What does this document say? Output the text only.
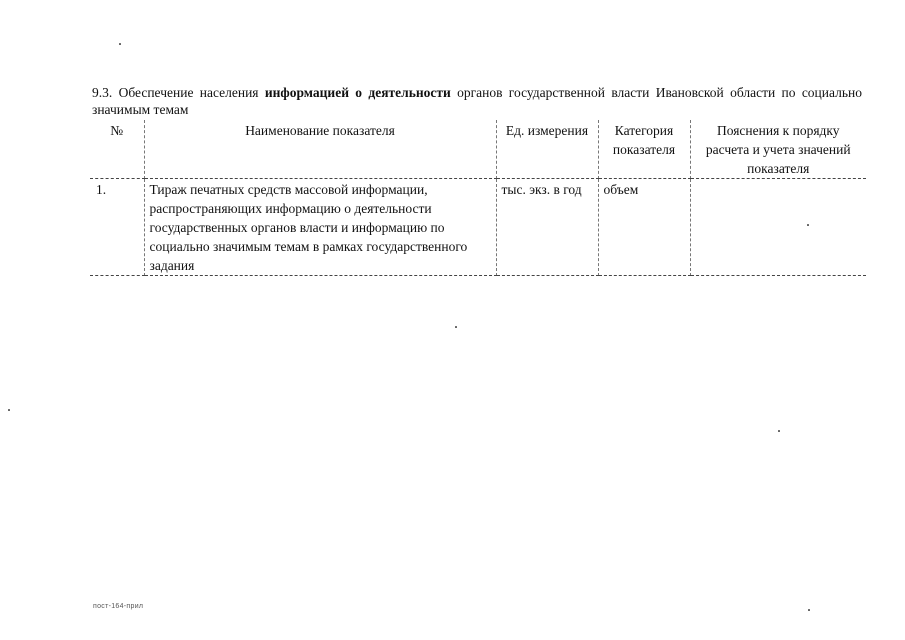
9.3. Обеспечение населения информацией о деятельности органов государственной власти Ивановской области по социально значимым темам

№	Наименование показателя	Ед. измерения	Категория показателя	Пояснения к порядку расчета и учета значений показателя
1.	Тираж печатных средств массовой информации, распространяющих информацию о деятельности государственных органов власти и информацию по социально значимым темам в рамках государственного задания	тыс. экз. в год	объем	
пост-164-прил
